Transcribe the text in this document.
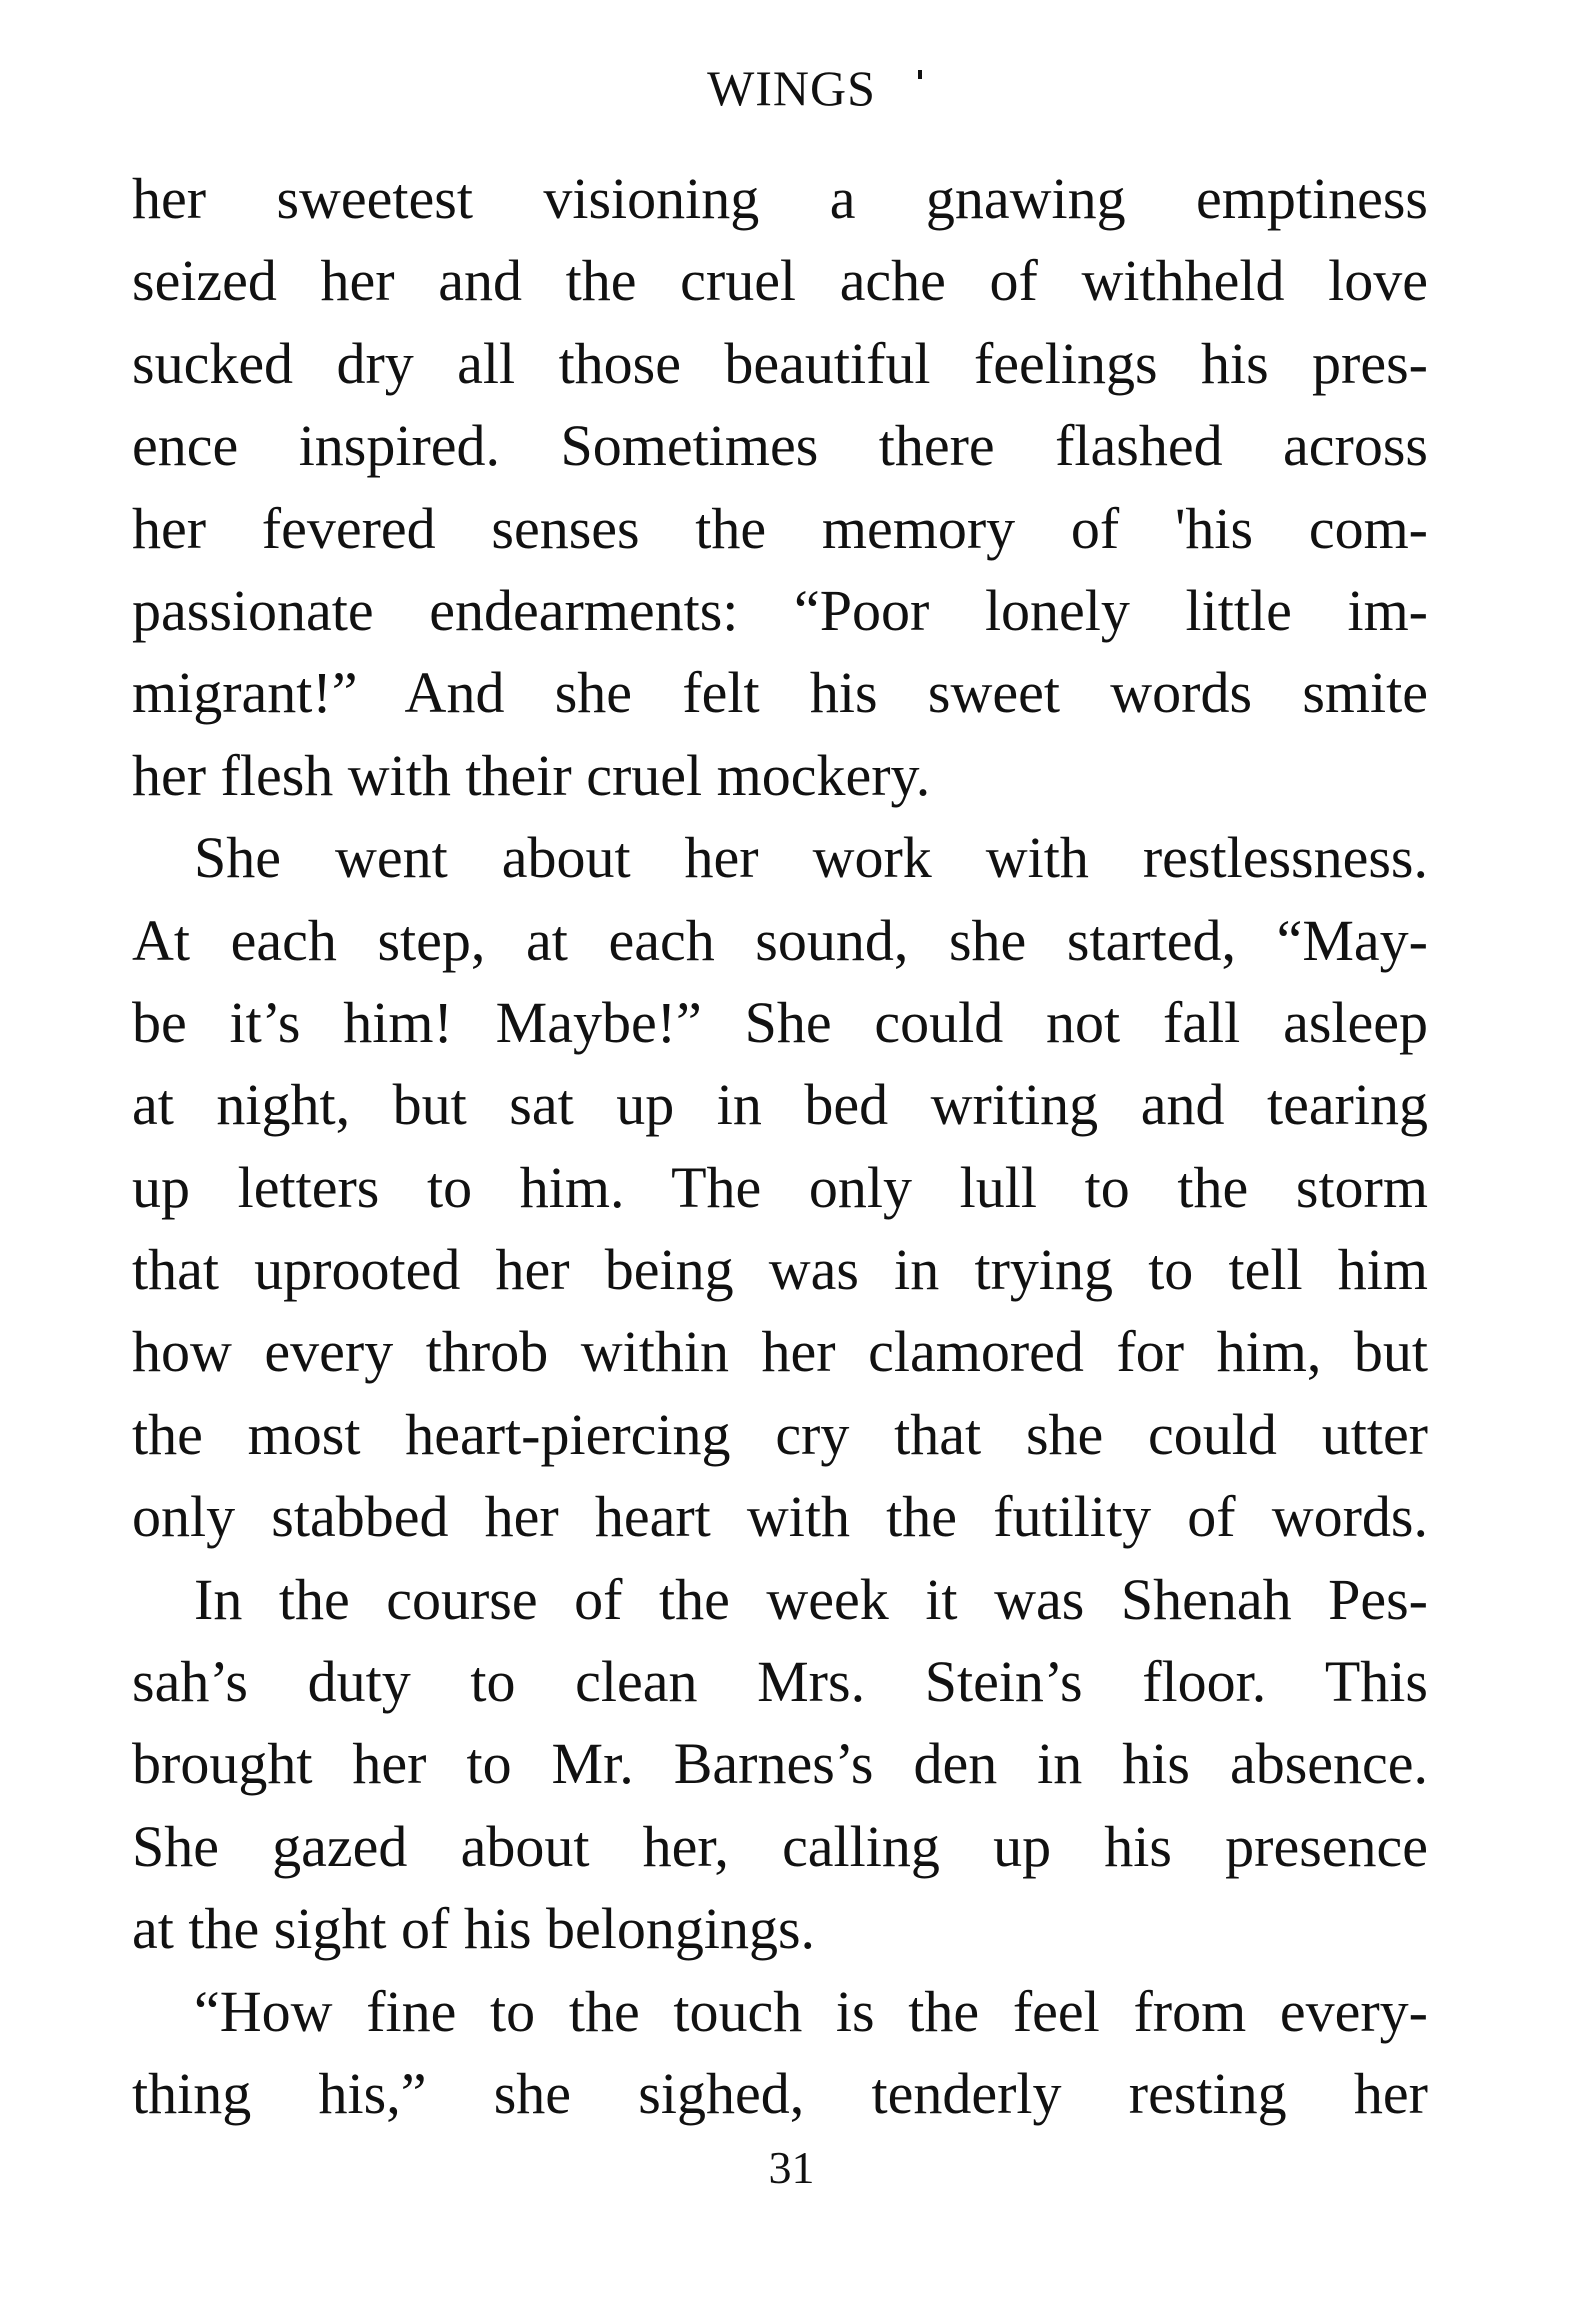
WINGS
her sweetest visioning a gnawing emptiness
seized her and the cruel ache of withheld love
sucked dry all those beautiful feelings his pres-
ence inspired. Sometimes there flashed across
her fevered senses the memory of 'his com-
passionate endearments: “Poor lonely little im-
migrant!” And she felt his sweet words smite
her flesh with their cruel mockery.
She went about her work with restlessness.
At each step, at each sound, she started, “May-
be it’s him! Maybe!” She could not fall asleep
at night, but sat up in bed writing and tearing
up letters to him. The only lull to the storm
that uprooted her being was in trying to tell him
how every throb within her clamored for him, but
the most heart-piercing cry that she could utter
only stabbed her heart with the futility of words.
In the course of the week it was Shenah Pes-
sah’s duty to clean Mrs. Stein’s floor. This
brought her to Mr. Barnes’s den in his absence.
She gazed about her, calling up his presence
at the sight of his belongings.
“How fine to the touch is the feel from every-
thing his,” she sighed, tenderly resting her
31
